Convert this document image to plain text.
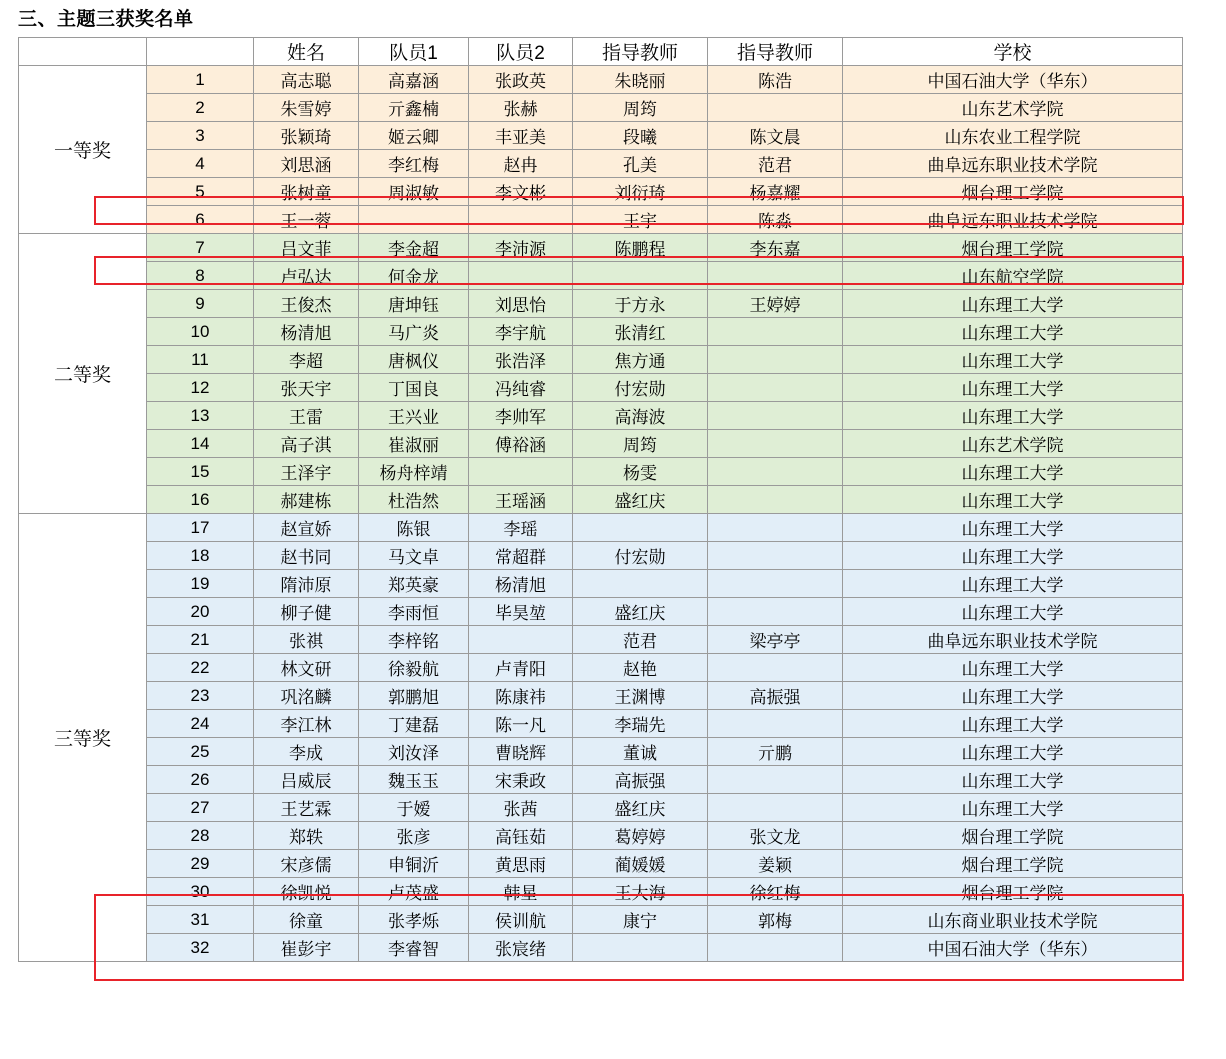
三、主题三获奖名单
		姓名	队员1	队员2	指导教师	指导教师	学校
一等奖	1	高志聪	高嘉涵	张政英	朱晓丽	陈浩	中国石油大学（华东）
	2	朱雪婷	亓鑫楠	张赫	周筠		山东艺术学院
	3	张颖琦	姬云卿	丰亚美	段曦	陈文晨	山东农业工程学院
	4	刘思涵	李红梅	赵冉	孔美	范君	曲阜远东职业技术学院
	5	张树童	周淑敏	李文彬	刘衍琦	杨嘉耀	烟台理工学院
	6	王一蓉			王宇	陈淼	曲阜远东职业技术学院
二等奖	7	吕文菲	李金超	李沛源	陈鹏程	李东嘉	烟台理工学院
	8	卢弘达	何金龙				山东航空学院
	9	王俊杰	唐坤钰	刘思怡	于方永	王婷婷	山东理工大学
	10	杨清旭	马广炎	李宇航	张清红		山东理工大学
	11	李超	唐枫仪	张浩泽	焦方通		山东理工大学
	12	张天宇	丁国良	冯纯睿	付宏勋		山东理工大学
	13	王雷	王兴业	李帅军	高海波		山东理工大学
	14	高子淇	崔淑丽	傅裕涵	周筠		山东艺术学院
	15	王泽宇	杨舟梓靖		杨雯		山东理工大学
	16	郝建栋	杜浩然	王瑶涵	盛红庆		山东理工大学
三等奖	17	赵宣娇	陈银	李瑶			山东理工大学
	18	赵书同	马文卓	常超群	付宏勋		山东理工大学
	19	隋沛原	郑英豪	杨清旭			山东理工大学
	20	柳子健	李雨恒	毕昊堃	盛红庆		山东理工大学
	21	张祺	李梓铭		范君	梁亭亭	曲阜远东职业技术学院
	22	林文研	徐毅航	卢青阳	赵艳		山东理工大学
	23	巩洺麟	郭鹏旭	陈康祎	王渊博	高振强	山东理工大学
	24	李江林	丁建磊	陈一凡	李瑞先		山东理工大学
	25	李成	刘汝泽	曹晓辉	董诚	亓鹏	山东理工大学
	26	吕威辰	魏玉玉	宋秉政	高振强		山东理工大学
	27	王艺霖	于嫒	张茜	盛红庆		山东理工大学
	28	郑轶	张彦	高钰茹	葛婷婷	张文龙	烟台理工学院
	29	宋彦儒	申铜沂	黄思雨	蔺媛媛	姜颖	烟台理工学院
	30	徐凯悦	卢茂盛	韩星	王大海	徐红梅	烟台理工学院
	31	徐童	张孝烁	侯训航	康宁	郭梅	山东商业职业技术学院
	32	崔彭宇	李睿智	张宸绪			中国石油大学（华东）
